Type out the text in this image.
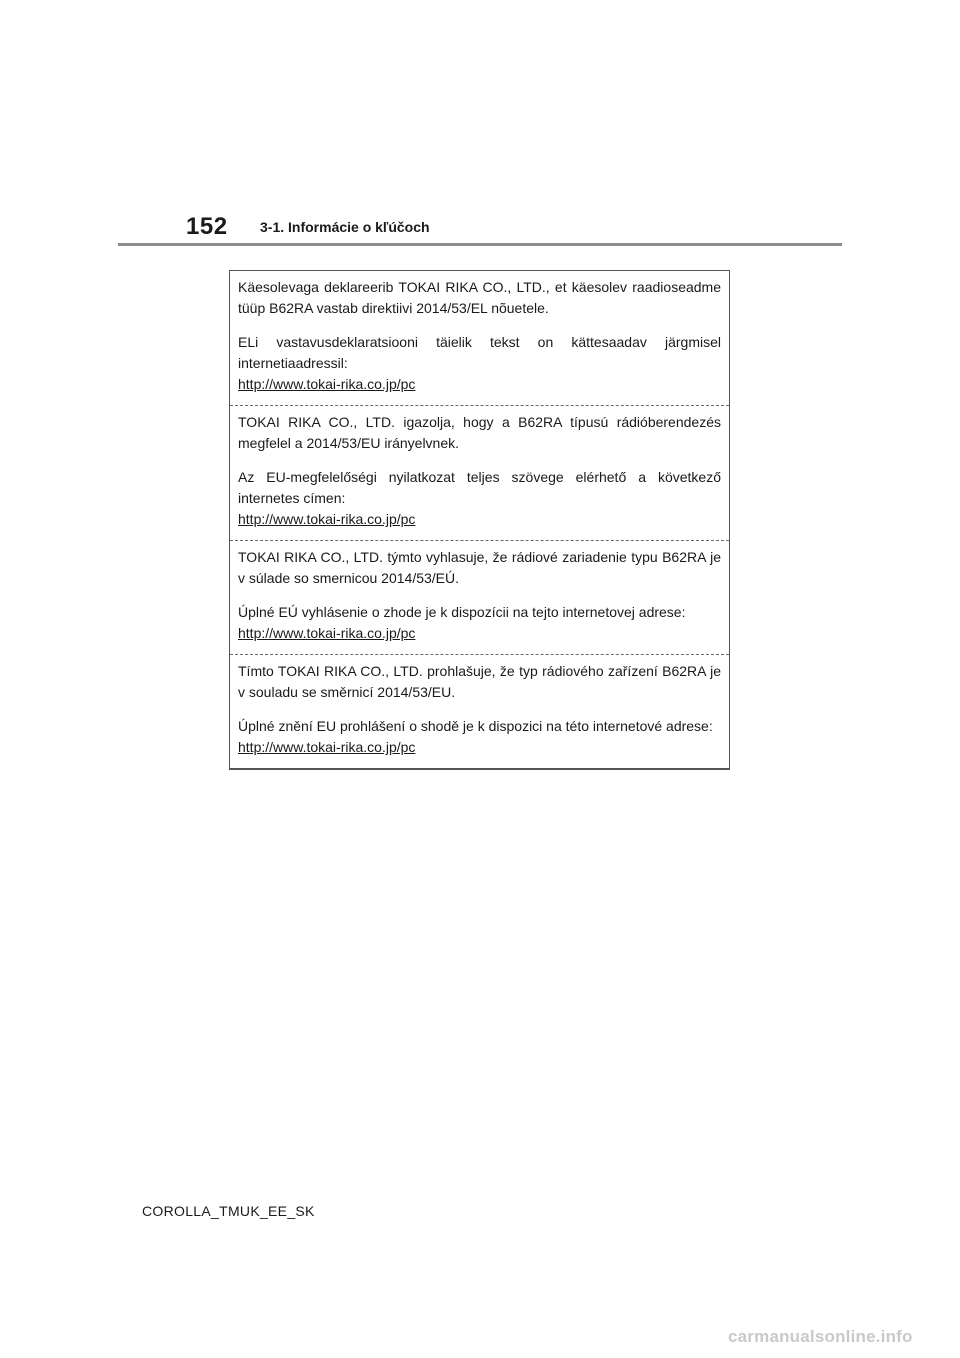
152 3-1. Informácie o kľúčoch

Käesolevaga deklareerib TOKAI RIKA CO., LTD., et käesolev raadioseadme tüüp B62RA vastab direktiivi 2014/53/EL nõuetele.

ELi vastavusdeklaratsiooni täielik tekst on kättesaadav järgmisel internetiaadressil:

http://www.tokai-rika.co.jp/pc

TOKAI RIKA CO., LTD. igazolja, hogy a B62RA típusú rádióberendezés megfelel a 2014/53/EU irányelvnek.

Az EU-megfelelőségi nyilatkozat teljes szövege elérhető a következő internetes címen:

http://www.tokai-rika.co.jp/pc

TOKAI RIKA CO., LTD. týmto vyhlasuje, že rádiové zariadenie typu B62RA je v súlade so smernicou 2014/53/EÚ.

Úplné EÚ vyhlásenie o zhode je k dispozícii na tejto internetovej adrese:

http://www.tokai-rika.co.jp/pc

Tímto TOKAI RIKA CO., LTD. prohlašuje, že typ rádiového zařízení B62RA je v souladu se směrnicí 2014/53/EU.

Úplné znění EU prohlášení o shodě je k dispozici na této internetové adrese:

http://www.tokai-rika.co.jp/pc
COROLLA_TMUK_EE_SK
carmanualsonline.info
